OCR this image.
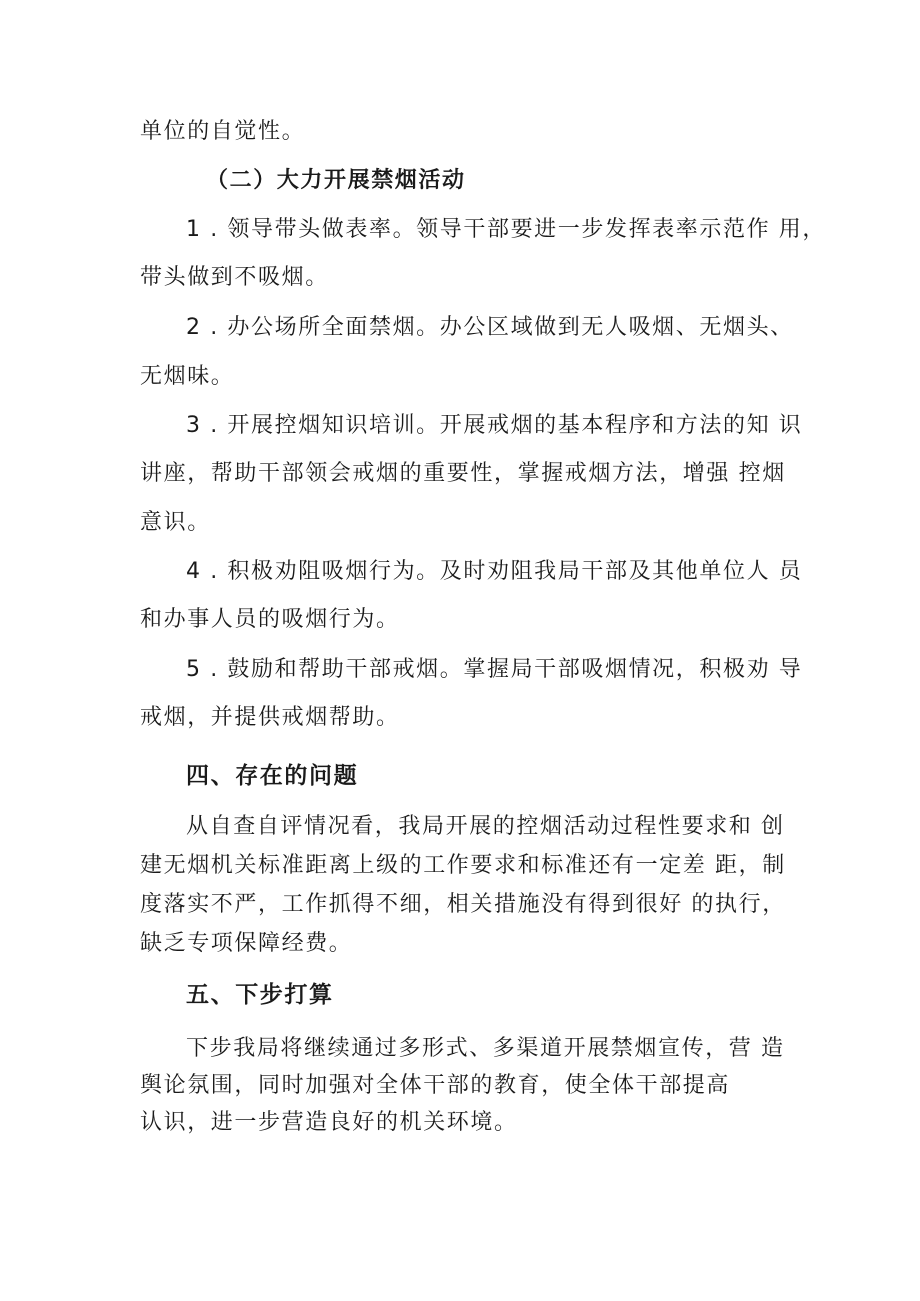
单位的自觉性。
（二）大力开展禁烟活动
1 . 领导带头做表率。领导干部要进一步发挥表率示范作 用，
带头做到不吸烟。
2 . 办公场所全面禁烟。办公区域做到无人吸烟、无烟头、
无烟味。
3 . 开展控烟知识培训。开展戒烟的基本程序和方法的知 识
讲座，帮助干部领会戒烟的重要性，掌握戒烟方法，增强 控烟
意识。
4 . 积极劝阻吸烟行为。及时劝阻我局干部及其他单位人 员
和办事人员的吸烟行为。
5 . 鼓励和帮助干部戒烟。掌握局干部吸烟情况，积极劝 导
戒烟，并提供戒烟帮助。
四、存在的问题
从自查自评情况看，我局开展的控烟活动过程性要求和 创
建无烟机关标准距离上级的工作要求和标准还有一定差 距，制
度落实不严，工作抓得不细，相关措施没有得到很好 的执行，
缺乏专项保障经费。
五、下步打算
下步我局将继续通过多形式、多渠道开展禁烟宣传，营 造
舆论氛围，同时加强对全体干部的教育，使全体干部提高
认识，进一步营造良好的机关环境。
